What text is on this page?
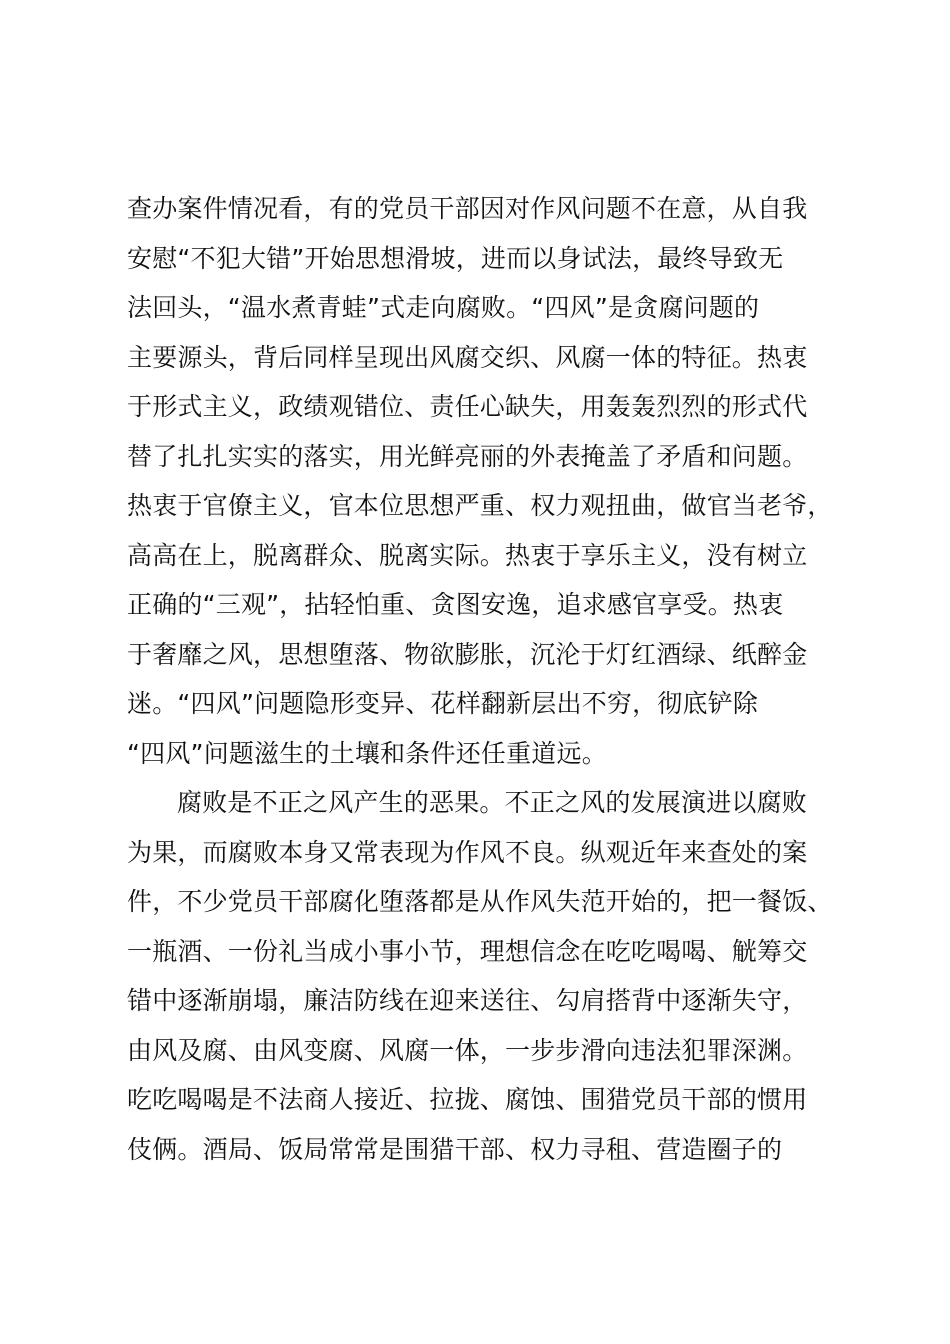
查办案件情况看，有的党员干部因对作风问题不在意，从自我
安慰“不犯大错”开始思想滑坡，进而以身试法，最终导致无
法回头，“温水煮青蛙”式走向腐败。“四风”是贪腐问题的
主要源头，背后同样呈现出风腐交织、风腐一体的特征。热衷
于形式主义，政绩观错位、责任心缺失，用轰轰烈烈的形式代
替了扎扎实实的落实，用光鲜亮丽的外表掩盖了矛盾和问题。
热衷于官僚主义，官本位思想严重、权力观扭曲，做官当老爷，
高高在上，脱离群众、脱离实际。热衷于享乐主义，没有树立
正确的“三观”，拈轻怕重、贪图安逸，追求感官享受。热衷
于奢靡之风，思想堕落、物欲膨胀，沉沦于灯红酒绿、纸醉金
迷。“四风”问题隐形变异、花样翻新层出不穷，彻底铲除
“四风”问题滋生的土壤和条件还任重道远。
腐败是不正之风产生的恶果。不正之风的发展演进以腐败
为果，而腐败本身又常表现为作风不良。纵观近年来查处的案
件，不少党员干部腐化堕落都是从作风失范开始的，把一餐饭、
一瓶酒、一份礼当成小事小节，理想信念在吃吃喝喝、觥筹交
错中逐渐崩塌，廉洁防线在迎来送往、勾肩搭背中逐渐失守，
由风及腐、由风变腐、风腐一体，一步步滑向违法犯罪深渊。
吃吃喝喝是不法商人接近、拉拢、腐蚀、围猎党员干部的惯用
伎俩。酒局、饭局常常是围猎干部、权力寻租、营造圈子的
